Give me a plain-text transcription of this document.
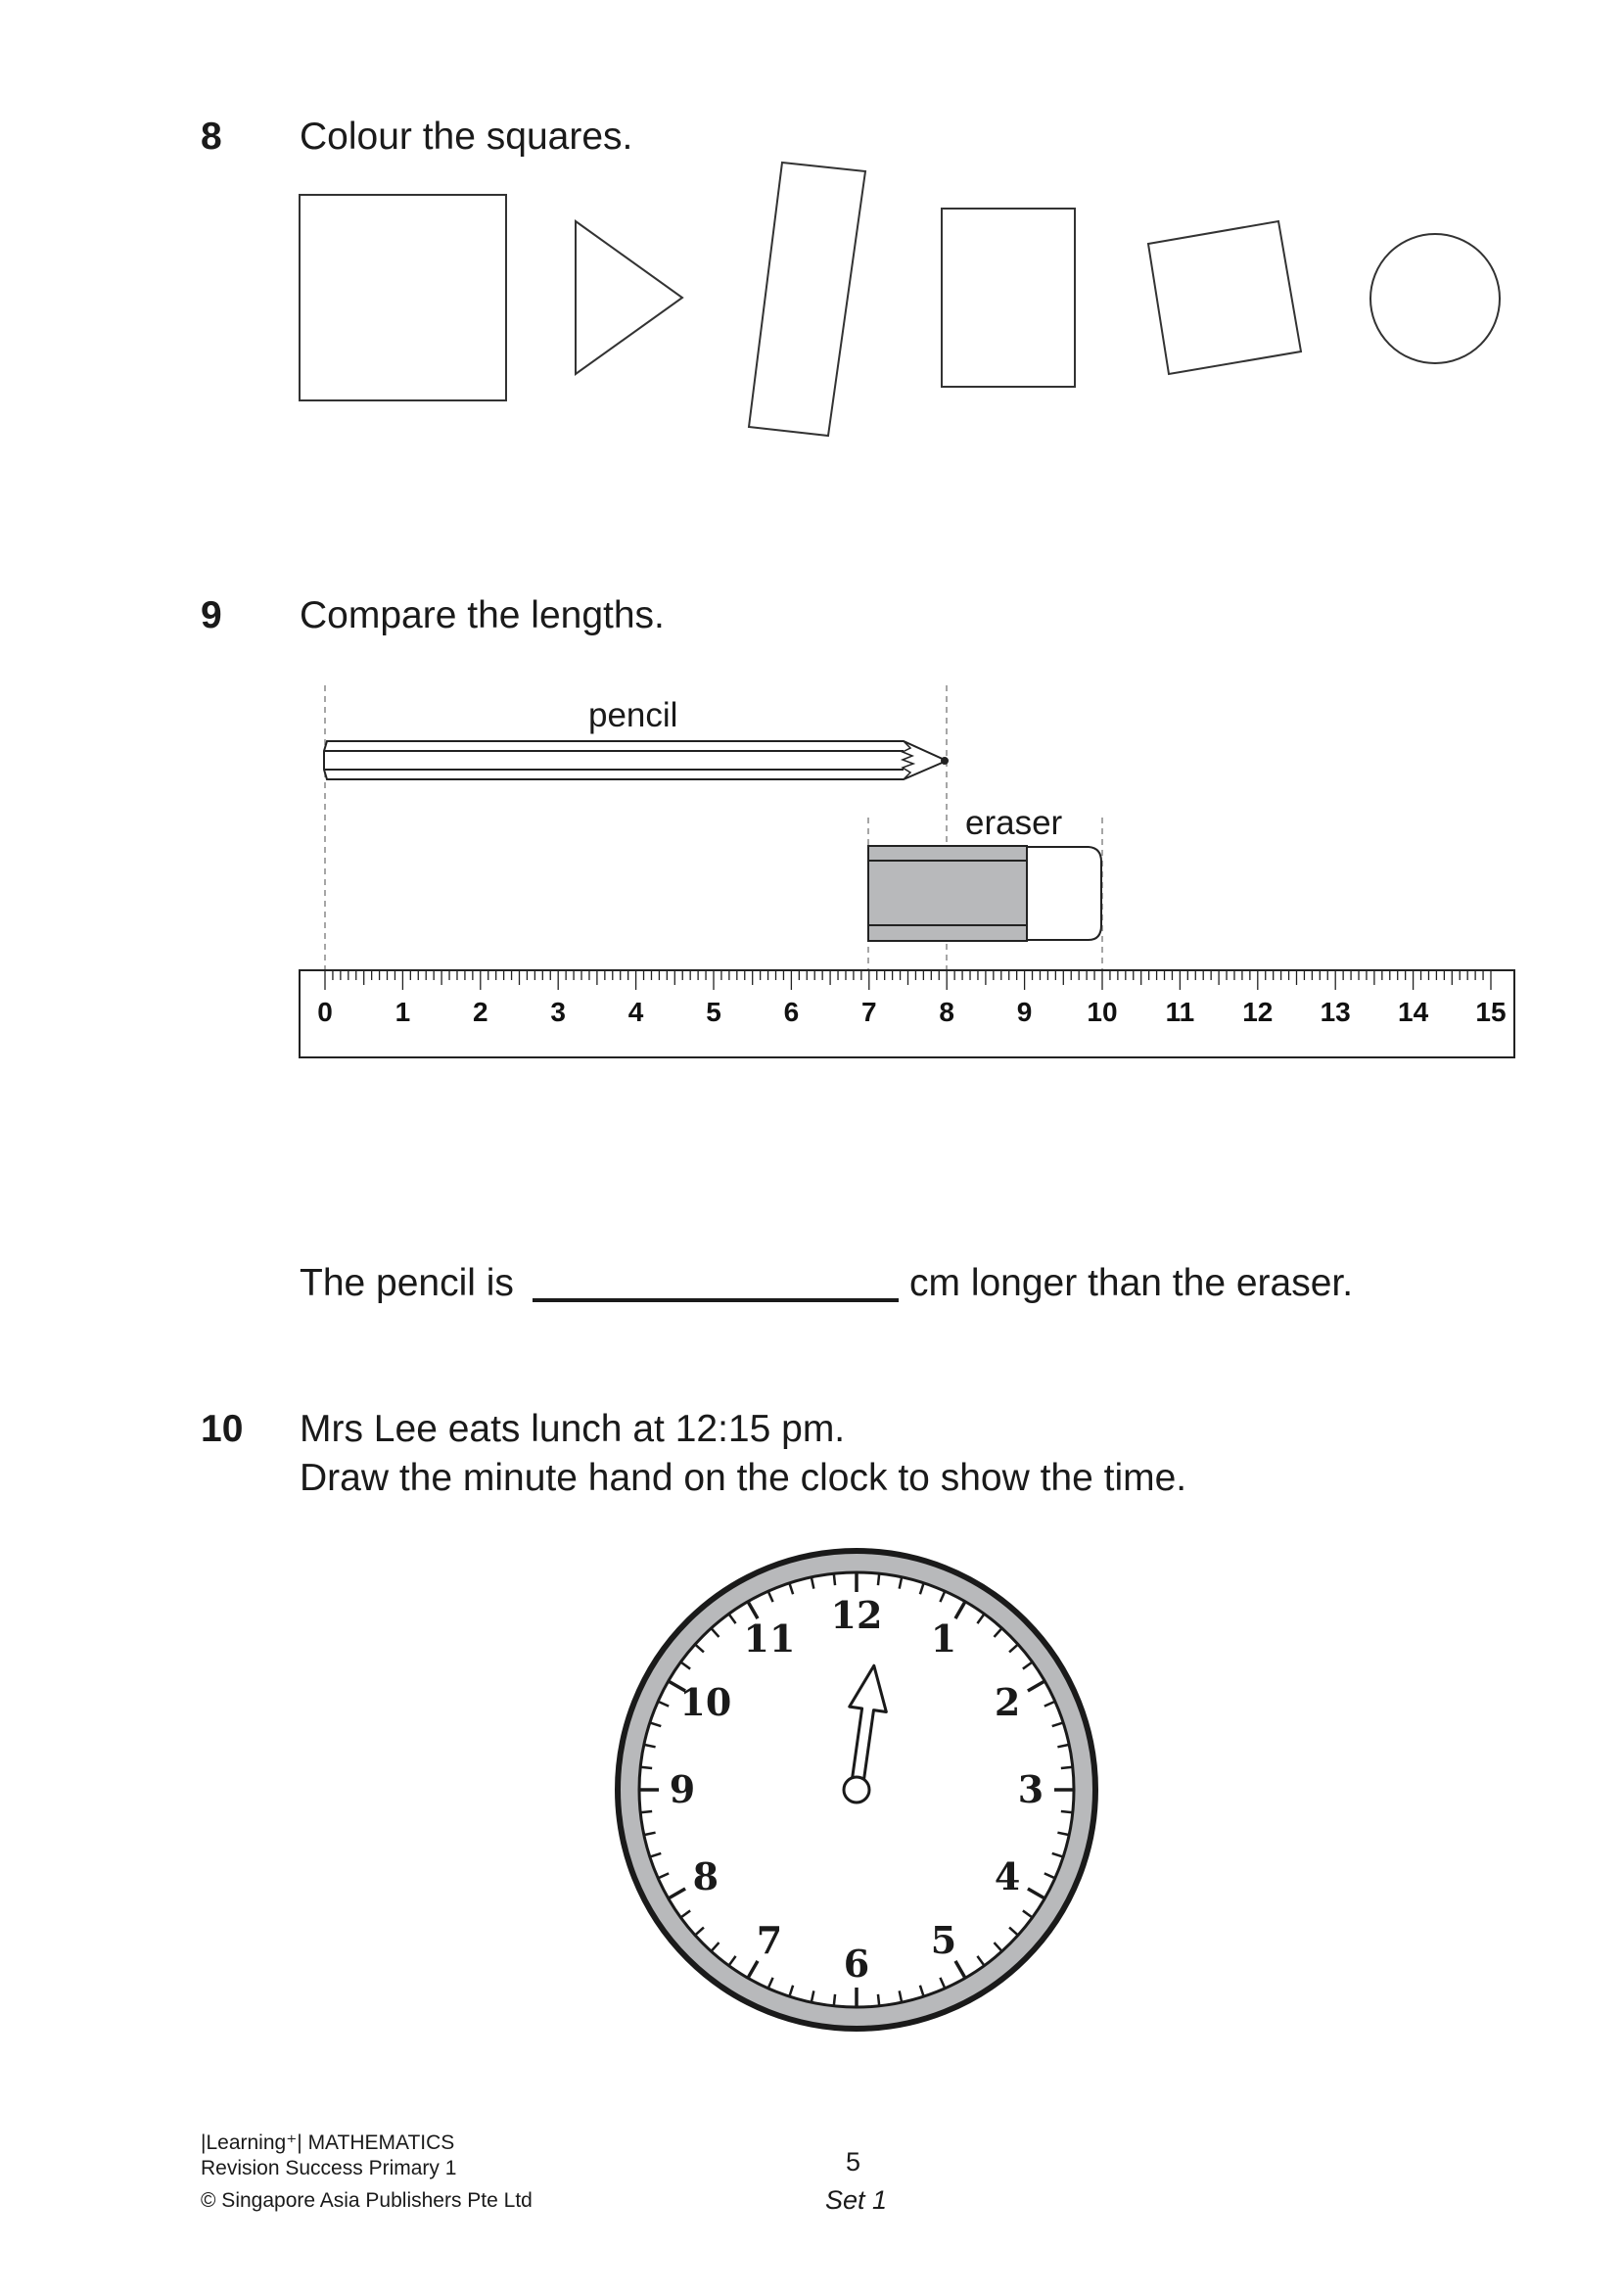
8 Colour the squares.
9 Compare the lengths.
pencil
eraser
The pencil is	cm longer than the eraser.
10 Mrs Lee eats lunch at 12:15 pm.
Draw the minute hand on the clock to show the time.
0 1 2 3 4 5 6 7 8 9 10 11 12 13 14 15
12
1
2
3
4
5
6
7
8
9
10
11
|Learning⁺| MATHEMATICS
Revision Success Primary 1
© Singapore Asia Publishers Pte Ltd
5
Set 1
